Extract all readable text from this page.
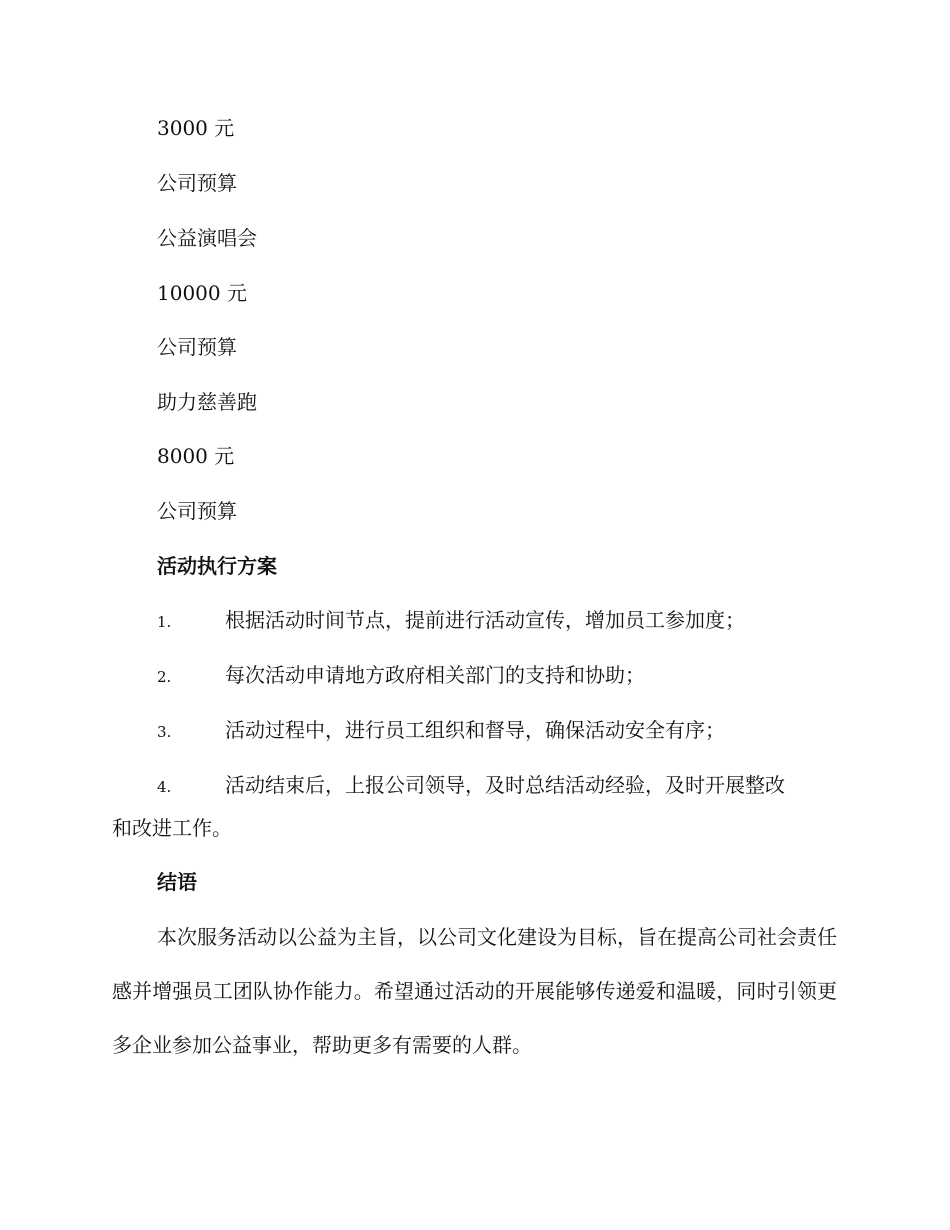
3000 元
公司预算
公益演唱会
10000 元
公司预算
助力慈善跑
8000 元
公司预算
活动执行方案
1.	根据活动时间节点，提前进行活动宣传，增加员工参加度；
2.	每次活动申请地方政府相关部门的支持和协助；
3.	活动过程中，进行员工组织和督导，确保活动安全有序；
4.	活动结束后，上报公司领导，及时总结活动经验，及时开展整改
和改进工作。
结语
本次服务活动以公益为主旨，以公司文化建设为目标，旨在提高公司社会责任感并增强员工团队协作能力。希望通过活动的开展能够传递爱和温暖，同时引领更多企业参加公益事业，帮助更多有需要的人群。
